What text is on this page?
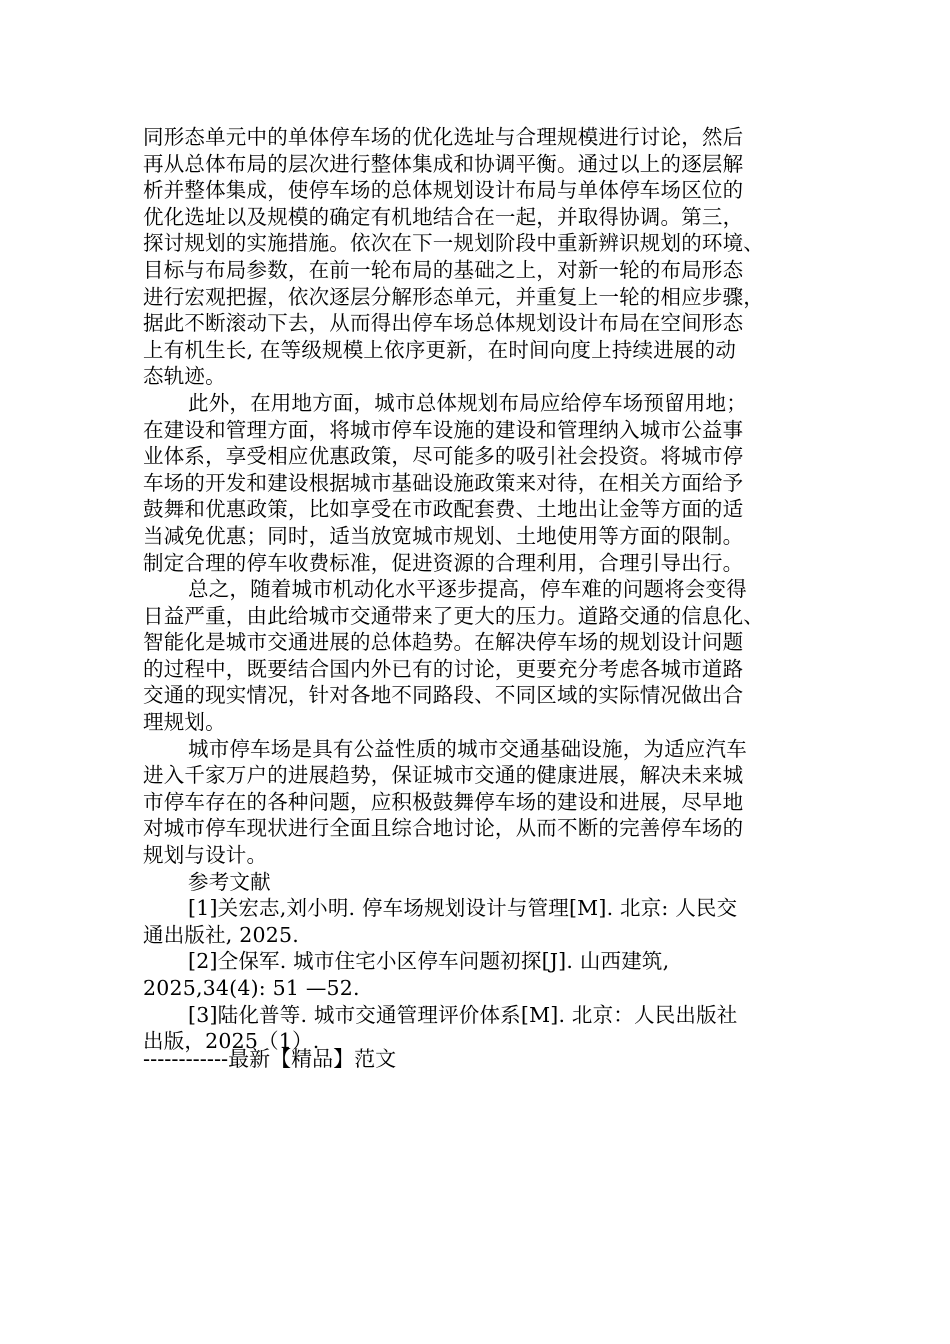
同形态单元中的单体停车场的优化选址与合理规模进行讨论，然后
再从总体布局的层次进行整体集成和协调平衡。通过以上的逐层解
析并整体集成，使停车场的总体规划设计布局与单体停车场区位的
优化选址以及规模的确定有机地结合在一起，并取得协调。第三，
探讨规划的实施措施。依次在下一规划阶段中重新辨识规划的环境、
目标与布局参数，在前一轮布局的基础之上，对新一轮的布局形态
进行宏观把握，依次逐层分解形态单元，并重复上一轮的相应步骤，
据此不断滚动下去，从而得出停车场总体规划设计布局在空间形态
上有机生长, 在等级规模上依序更新，在时间向度上持续进展的动
态轨迹。
此外，在用地方面，城市总体规划布局应给停车场预留用地；
在建设和管理方面，将城市停车设施的建设和管理纳入城市公益事
业体系，享受相应优惠政策，尽可能多的吸引社会投资。将城市停
车场的开发和建设根据城市基础设施政策来对待，在相关方面给予
鼓舞和优惠政策，比如享受在市政配套费、土地出让金等方面的适
当减免优惠；同时，适当放宽城市规划、土地使用等方面的限制。
制定合理的停车收费标准，促进资源的合理利用，合理引导出行。
总之，随着城市机动化水平逐步提高，停车难的问题将会变得
日益严重，由此给城市交通带来了更大的压力。道路交通的信息化、
智能化是城市交通进展的总体趋势。在解决停车场的规划设计问题
的过程中，既要结合国内外已有的讨论，更要充分考虑各城市道路
交通的现实情况，针对各地不同路段、不同区域的实际情况做出合
理规划。
城市停车场是具有公益性质的城市交通基础设施，为适应汽车
进入千家万户的进展趋势，保证城市交通的健康进展，解决未来城
市停车存在的各种问题，应积极鼓舞停车场的建设和进展，尽早地
对城市停车现状进行全面且综合地讨论，从而不断的完善停车场的
规划与设计。
参考文献
[1]关宏志,刘小明. 停车场规划设计与管理[M]. 北京: 人民交
通出版社, 2025.
[2]仝保军. 城市住宅小区停车问题初探[J]. 山西建筑,
2025,34(4): 51 —52.
[3]陆化普等. 城市交通管理评价体系[M]. 北京：人民出版社
出版，2025（1）.
------------最新【精品】范文
